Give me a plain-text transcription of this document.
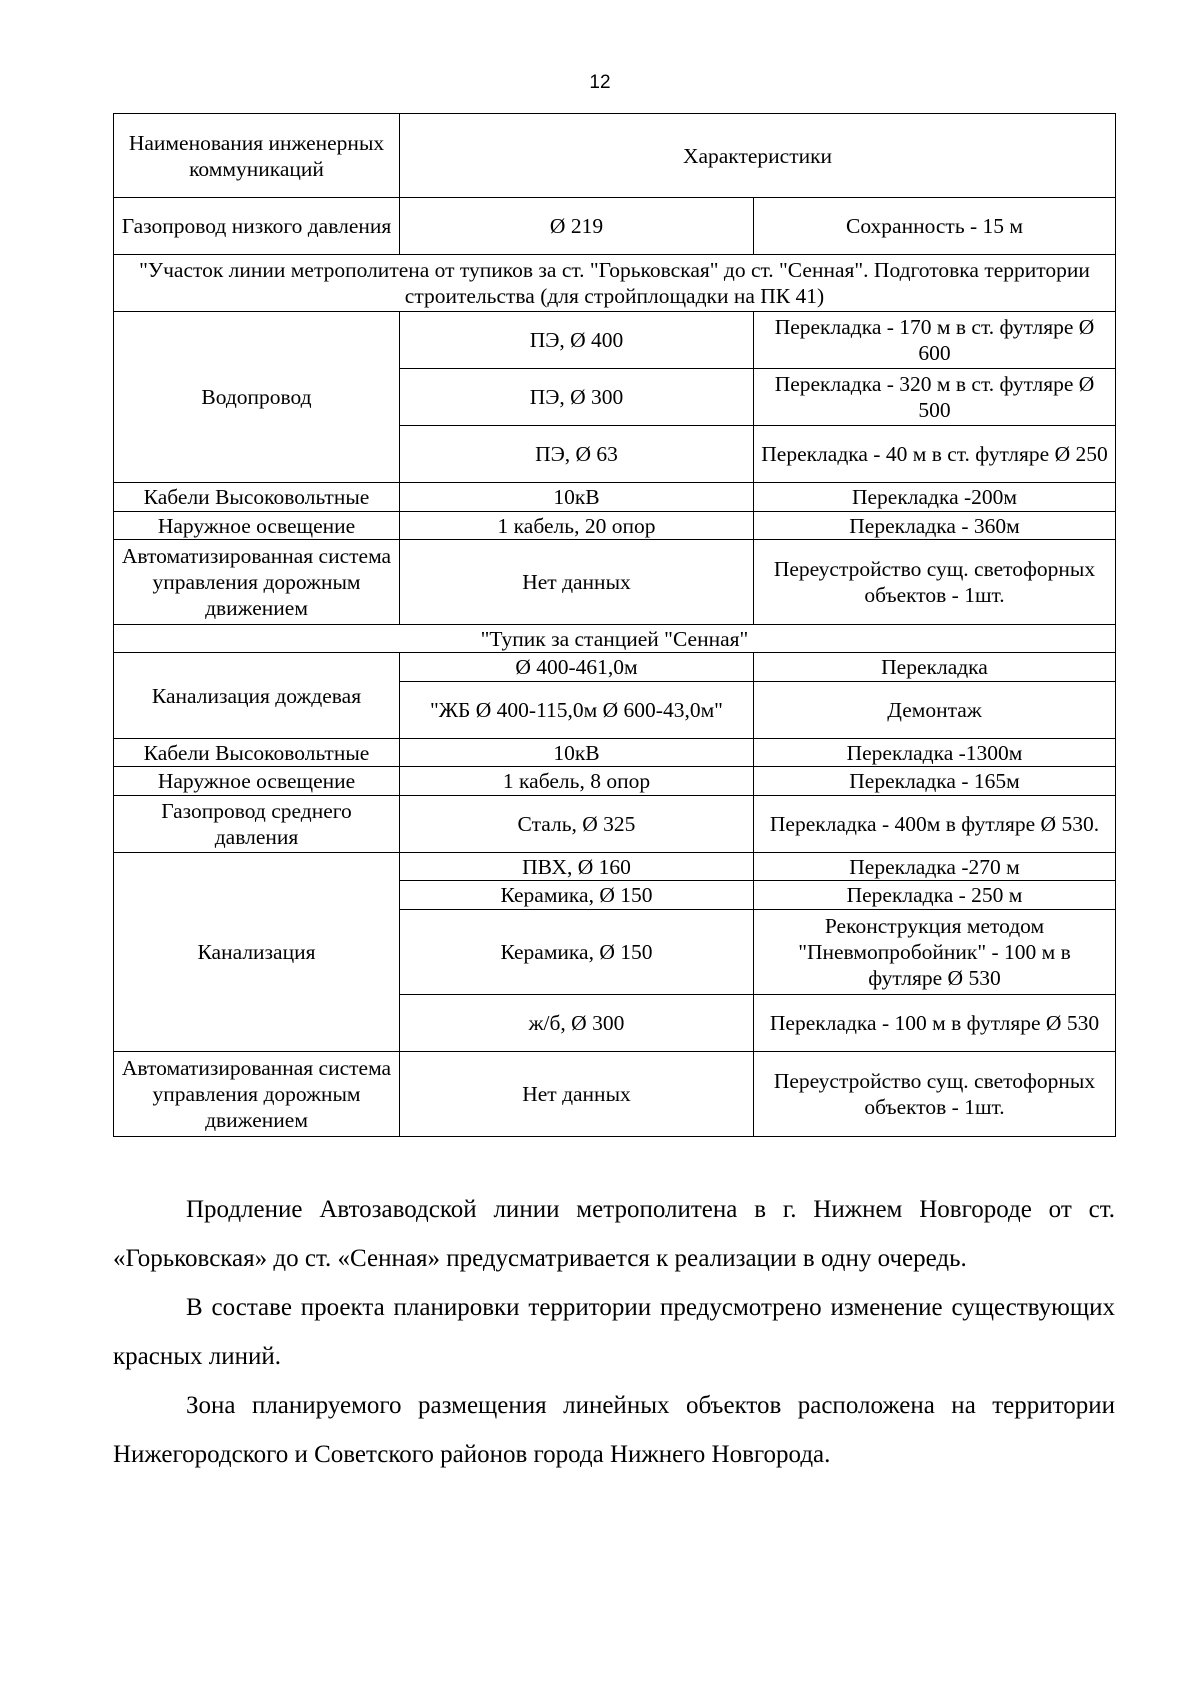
12
Наименования инженерных коммуникаций	Характеристики	
Газопровод низкого давления	Ø 219	Сохранность - 15 м
"Участок линии метрополитена от тупиков за ст. "Горьковская" до ст. "Сенная". Подготовка территории строительства (для стройплощадки на ПК 41)		
Водопровод	ПЭ, Ø 400	Перекладка - 170 м в ст. футляре Ø 600
	ПЭ, Ø 300	Перекладка - 320 м в ст. футляре Ø 500
	ПЭ, Ø 63	Перекладка - 40 м в ст. футляре Ø 250
Кабели Высоковольтные	10кВ	Перекладка -200м
Наружное освещение	1 кабель, 20 опор	Перекладка - 360м
Автоматизированная система управления дорожным движением	Нет данных	Переустройство сущ. светофорных объектов - 1шт.
"Тупик за станцией "Сенная"		
Канализация дождевая	Ø 400-461,0м	Перекладка
	"ЖБ Ø 400-115,0м Ø 600-43,0м"	Демонтаж
Кабели Высоковольтные	10кВ	Перекладка -1300м
Наружное освещение	1 кабель, 8 опор	Перекладка - 165м
Газопровод среднего давления	Сталь, Ø 325	Перекладка - 400м в футляре Ø 530.
Канализация	ПВХ, Ø 160	Перекладка -270 м
	Керамика, Ø 150	Перекладка - 250 м
	Керамика, Ø 150	Реконструкция методом "Пневмопробойник" - 100 м в футляре Ø 530
	ж/б, Ø 300	Перекладка - 100 м в футляре Ø 530
Автоматизированная система управления дорожным движением	Нет данных	Переустройство сущ. светофорных объектов - 1шт.

Продление Автозаводской линии метрополитена в г. Нижнем Новгороде от ст. «Горьковская» до ст. «Сенная» предусматривается к реализации в одну очередь.

В составе проекта планировки территории предусмотрено изменение существующих красных линий.

Зона планируемого размещения линейных объектов расположена на территории Нижегородского и Советского районов города Нижнего Новгорода.
